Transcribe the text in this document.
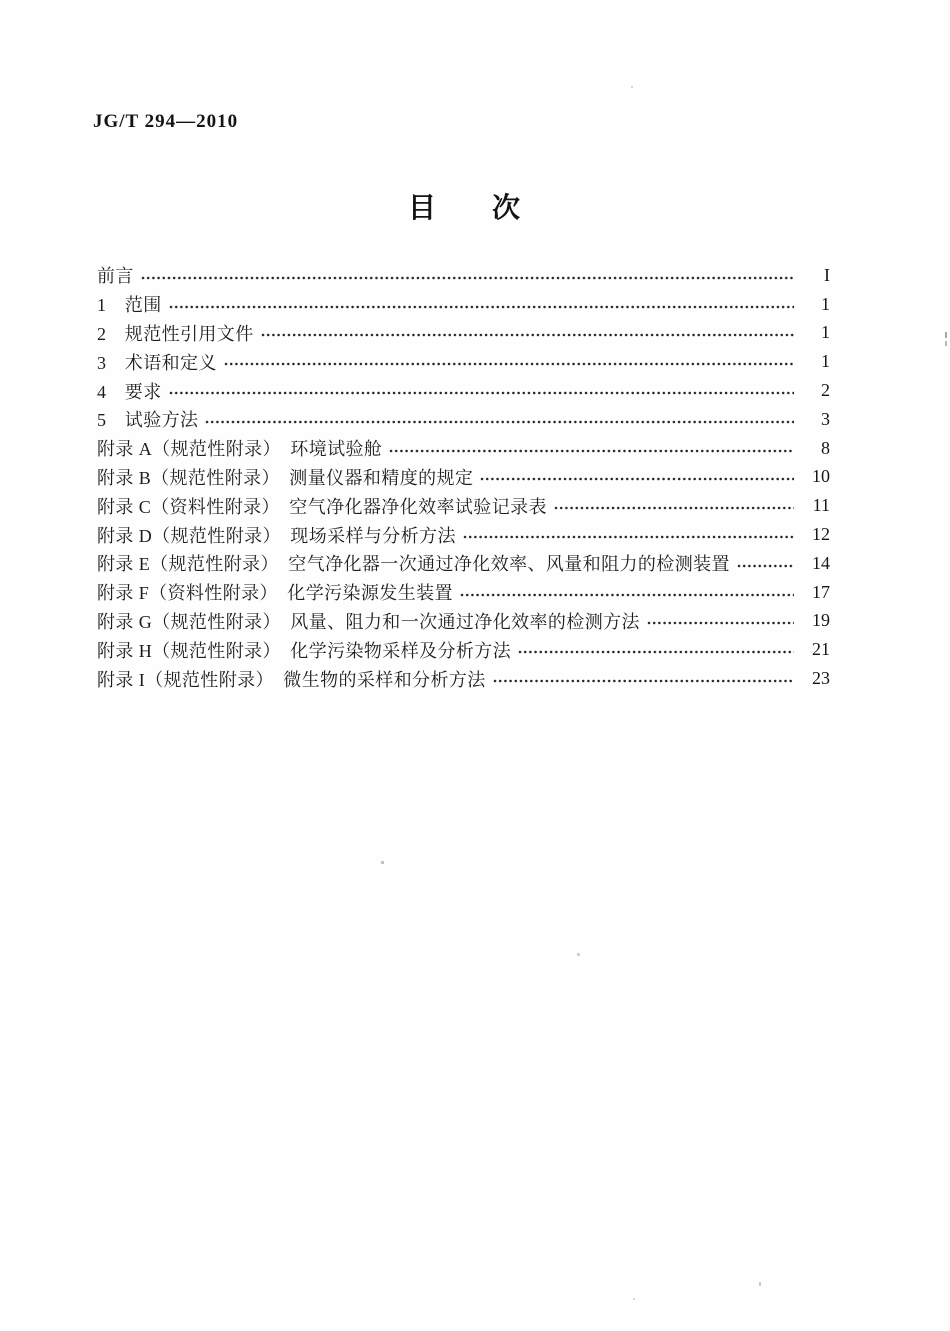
JG/T 294—2010
目 次
前言	I
1　范围	1
2　规范性引用文件	1
3　术语和定义	1
4　要求	2
5　试验方法	3
附录 A（规范性附录）　环境试验舱	8
附录 B（规范性附录）　测量仪器和精度的规定	10
附录 C（资料性附录）　空气净化器净化效率试验记录表	11
附录 D（规范性附录）　现场采样与分析方法	12
附录 E（规范性附录）　空气净化器一次通过净化效率、风量和阻力的检测装置	14
附录 F（资料性附录）　化学污染源发生装置	17
附录 G（规范性附录）　风量、阻力和一次通过净化效率的检测方法	19
附录 H（规范性附录）　化学污染物采样及分析方法	21
附录 I（规范性附录）　微生物的采样和分析方法	23
